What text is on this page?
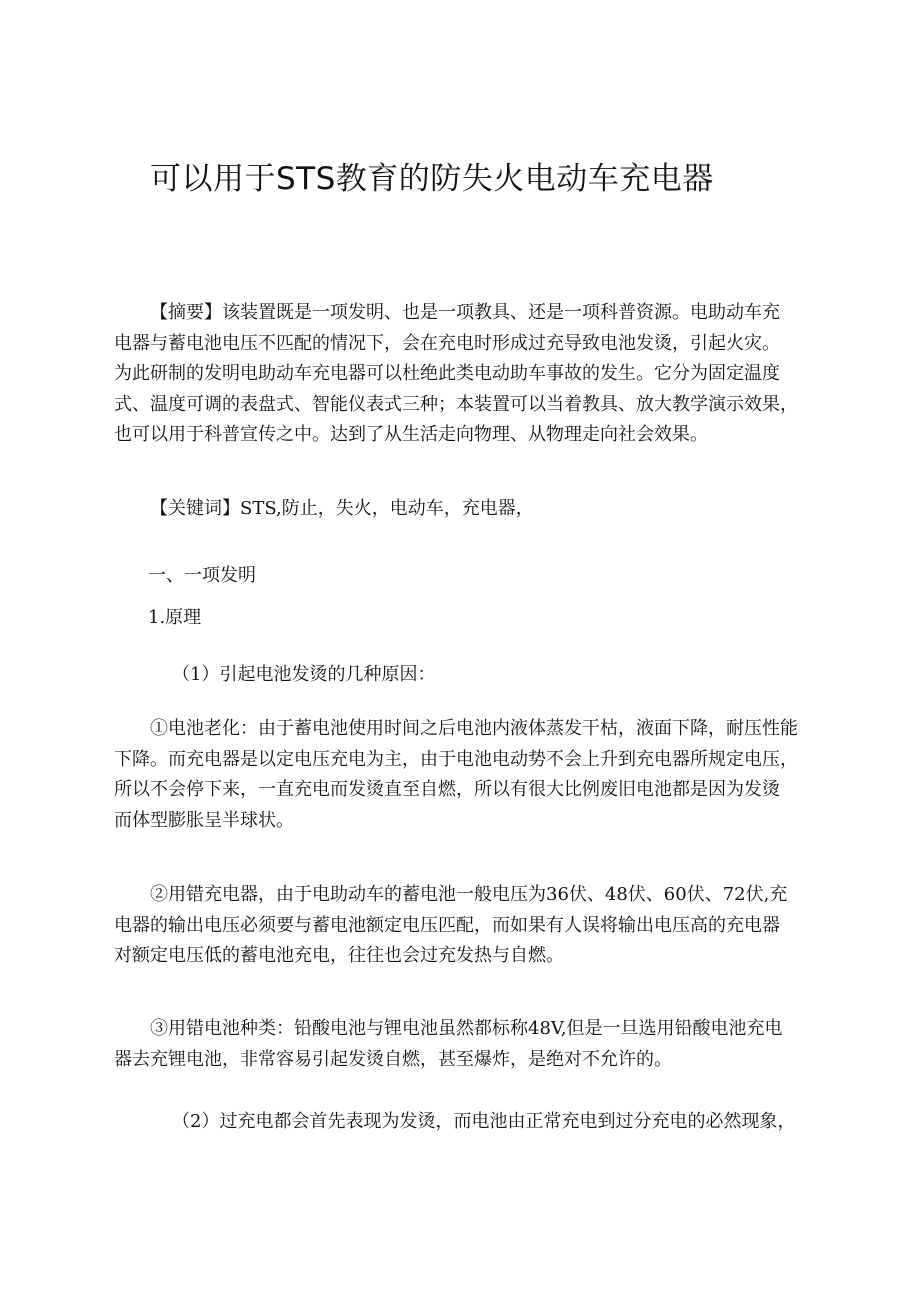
可以用于STS教育的防失火电动车充电器
【摘要】该装置既是一项发明、也是一项教具、还是一项科普资源。电助动车充
电器与蓄电池电压不匹配的情况下，会在充电时形成过充导致电池发烫，引起火灾。
为此研制的发明电助动车充电器可以杜绝此类电动助车事故的发生。它分为固定温度
式、温度可调的表盘式、智能仪表式三种；本装置可以当着教具、放大教学演示效果，
也可以用于科普宣传之中。达到了从生活走向物理、从物理走向社会效果。
【关键词】STS,防止，失火，电动车，充电器，
一、一项发明
1.原理
（1）引起电池发烫的几种原因：
①电池老化：由于蓄电池使用时间之后电池内液体蒸发干枯，液面下降，耐压性能
下降。而充电器是以定电压充电为主，由于电池电动势不会上升到充电器所规定电压，
所以不会停下来，一直充电而发烫直至自燃，所以有很大比例废旧电池都是因为发烫
而体型膨胀呈半球状。
②用错充电器，由于电助动车的蓄电池一般电压为36伏、48伏、60伏、72伏,充
电器的输出电压必须要与蓄电池额定电压匹配，而如果有人误将输出电压高的充电器
对额定电压低的蓄电池充电，往往也会过充发热与自燃。
③用错电池种类：铅酸电池与锂电池虽然都标称48V,但是一旦选用铅酸电池充电
器去充锂电池，非常容易引起发烫自燃，甚至爆炸，是绝对不允许的。
（2）过充电都会首先表现为发烫，而电池由正常充电到过分充电的必然现象，
